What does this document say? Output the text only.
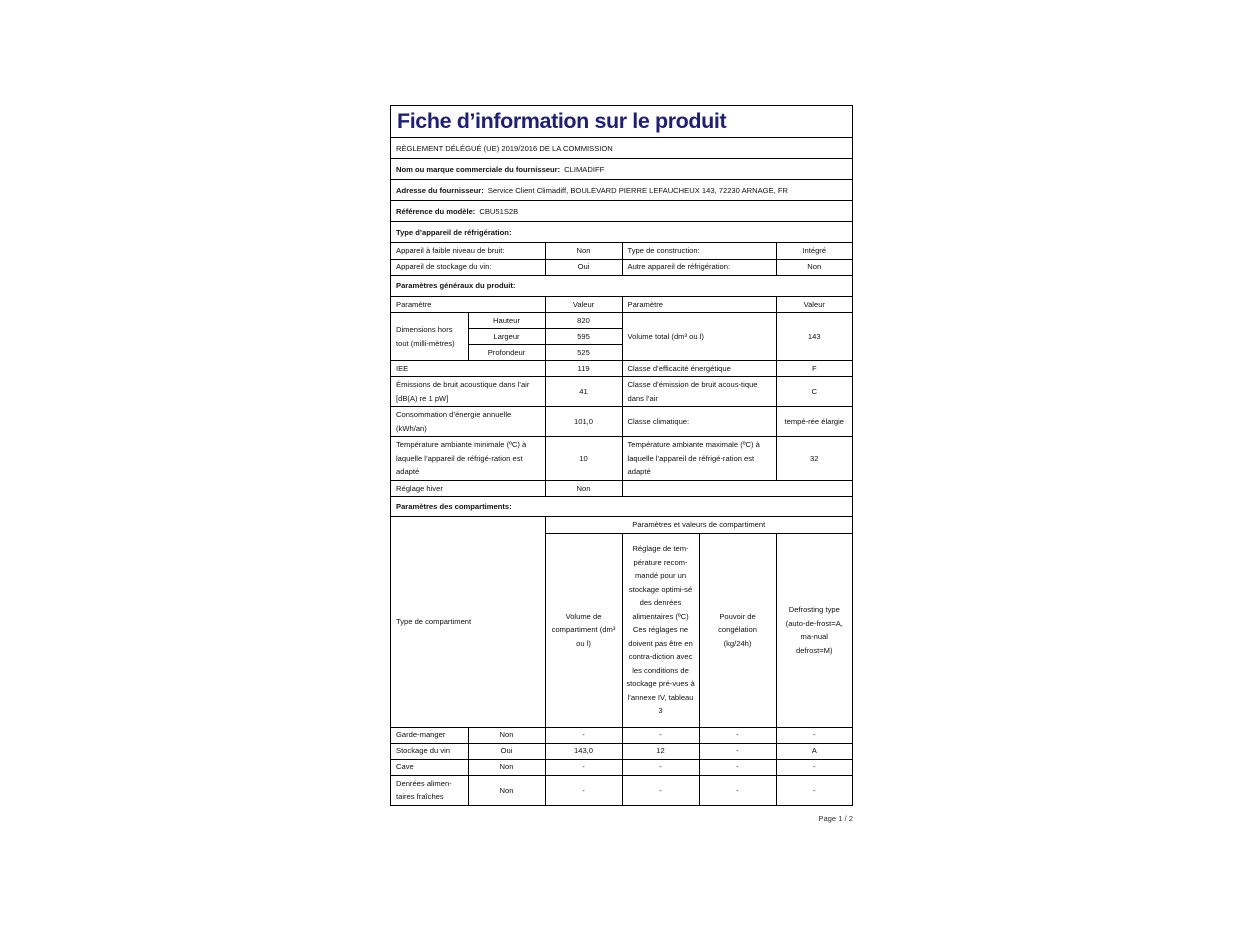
Fiche d’information sur le produit
RÈGLEMENT DÉLÉGUÉ (UE) 2019/2016 DE LA COMMISSION
Nom ou marque commerciale du fournisseur: CLIMADIFF
Adresse du fournisseur: Service Client Climadiff, BOULEVARD PIERRE LEFAUCHEUX 143, 72230 ARNAGE, FR
Référence du modèle: CBU51S2B
Type d’appareil de réfrigération:
Appareil à faible niveau de bruit:	Non	Type de construction:	Intégré
Appareil de stockage du vin:	Oui	Autre appareil de réfrigération:	Non
Paramètres généraux du produit:
Paramètre		Valeur	Paramètre	Valeur
Dimensions hors tout (milli-mètres)	Hauteur	820	Volume total (dm³ ou l)	143
	Largeur	595		
	Profondeur	525		
IEE		119	Classe d’efficacité énergétique	F
Émissions de bruit acoustique dans l’air [dB(A) re 1 pW]		41	Classe d’émission de bruit acous-tique dans l’air	C
Consommation d’énergie annuelle (kWh/an)		101,0	Classe climatique:	tempé-rée élargie
Température ambiante minimale (ºC) à laquelle l’appareil de réfrigé-ration est adapté		10	Température ambiante maximale (ºC) à laquelle l’appareil de réfrigé-ration est adapté	32
Réglage hiver		Non		
Paramètres des compartiments:
Type de compartiment		Paramètres et valeurs de compartiment			
		Volume de compartiment (dm³ ou l)	Réglage de tem-pérature recom-mandé pour un stockage optimi-sé des denrées alimentaires (ºC) Ces réglages ne doivent pas être en contra-diction avec les conditions de stockage pré-vues à l’annexe IV, tableau 3	Pouvoir de congélation (kg/24h)	Defrosting type (auto-de-frost=A, ma-nual defrost=M)
Garde-manger	Non	-	-	-	-
Stockage du vin	Oui	143,0	12	-	A
Cave	Non	-	-	-	-
Denrées alimen-taires fraîches	Non	-	-	-	-
Page 1 / 2
